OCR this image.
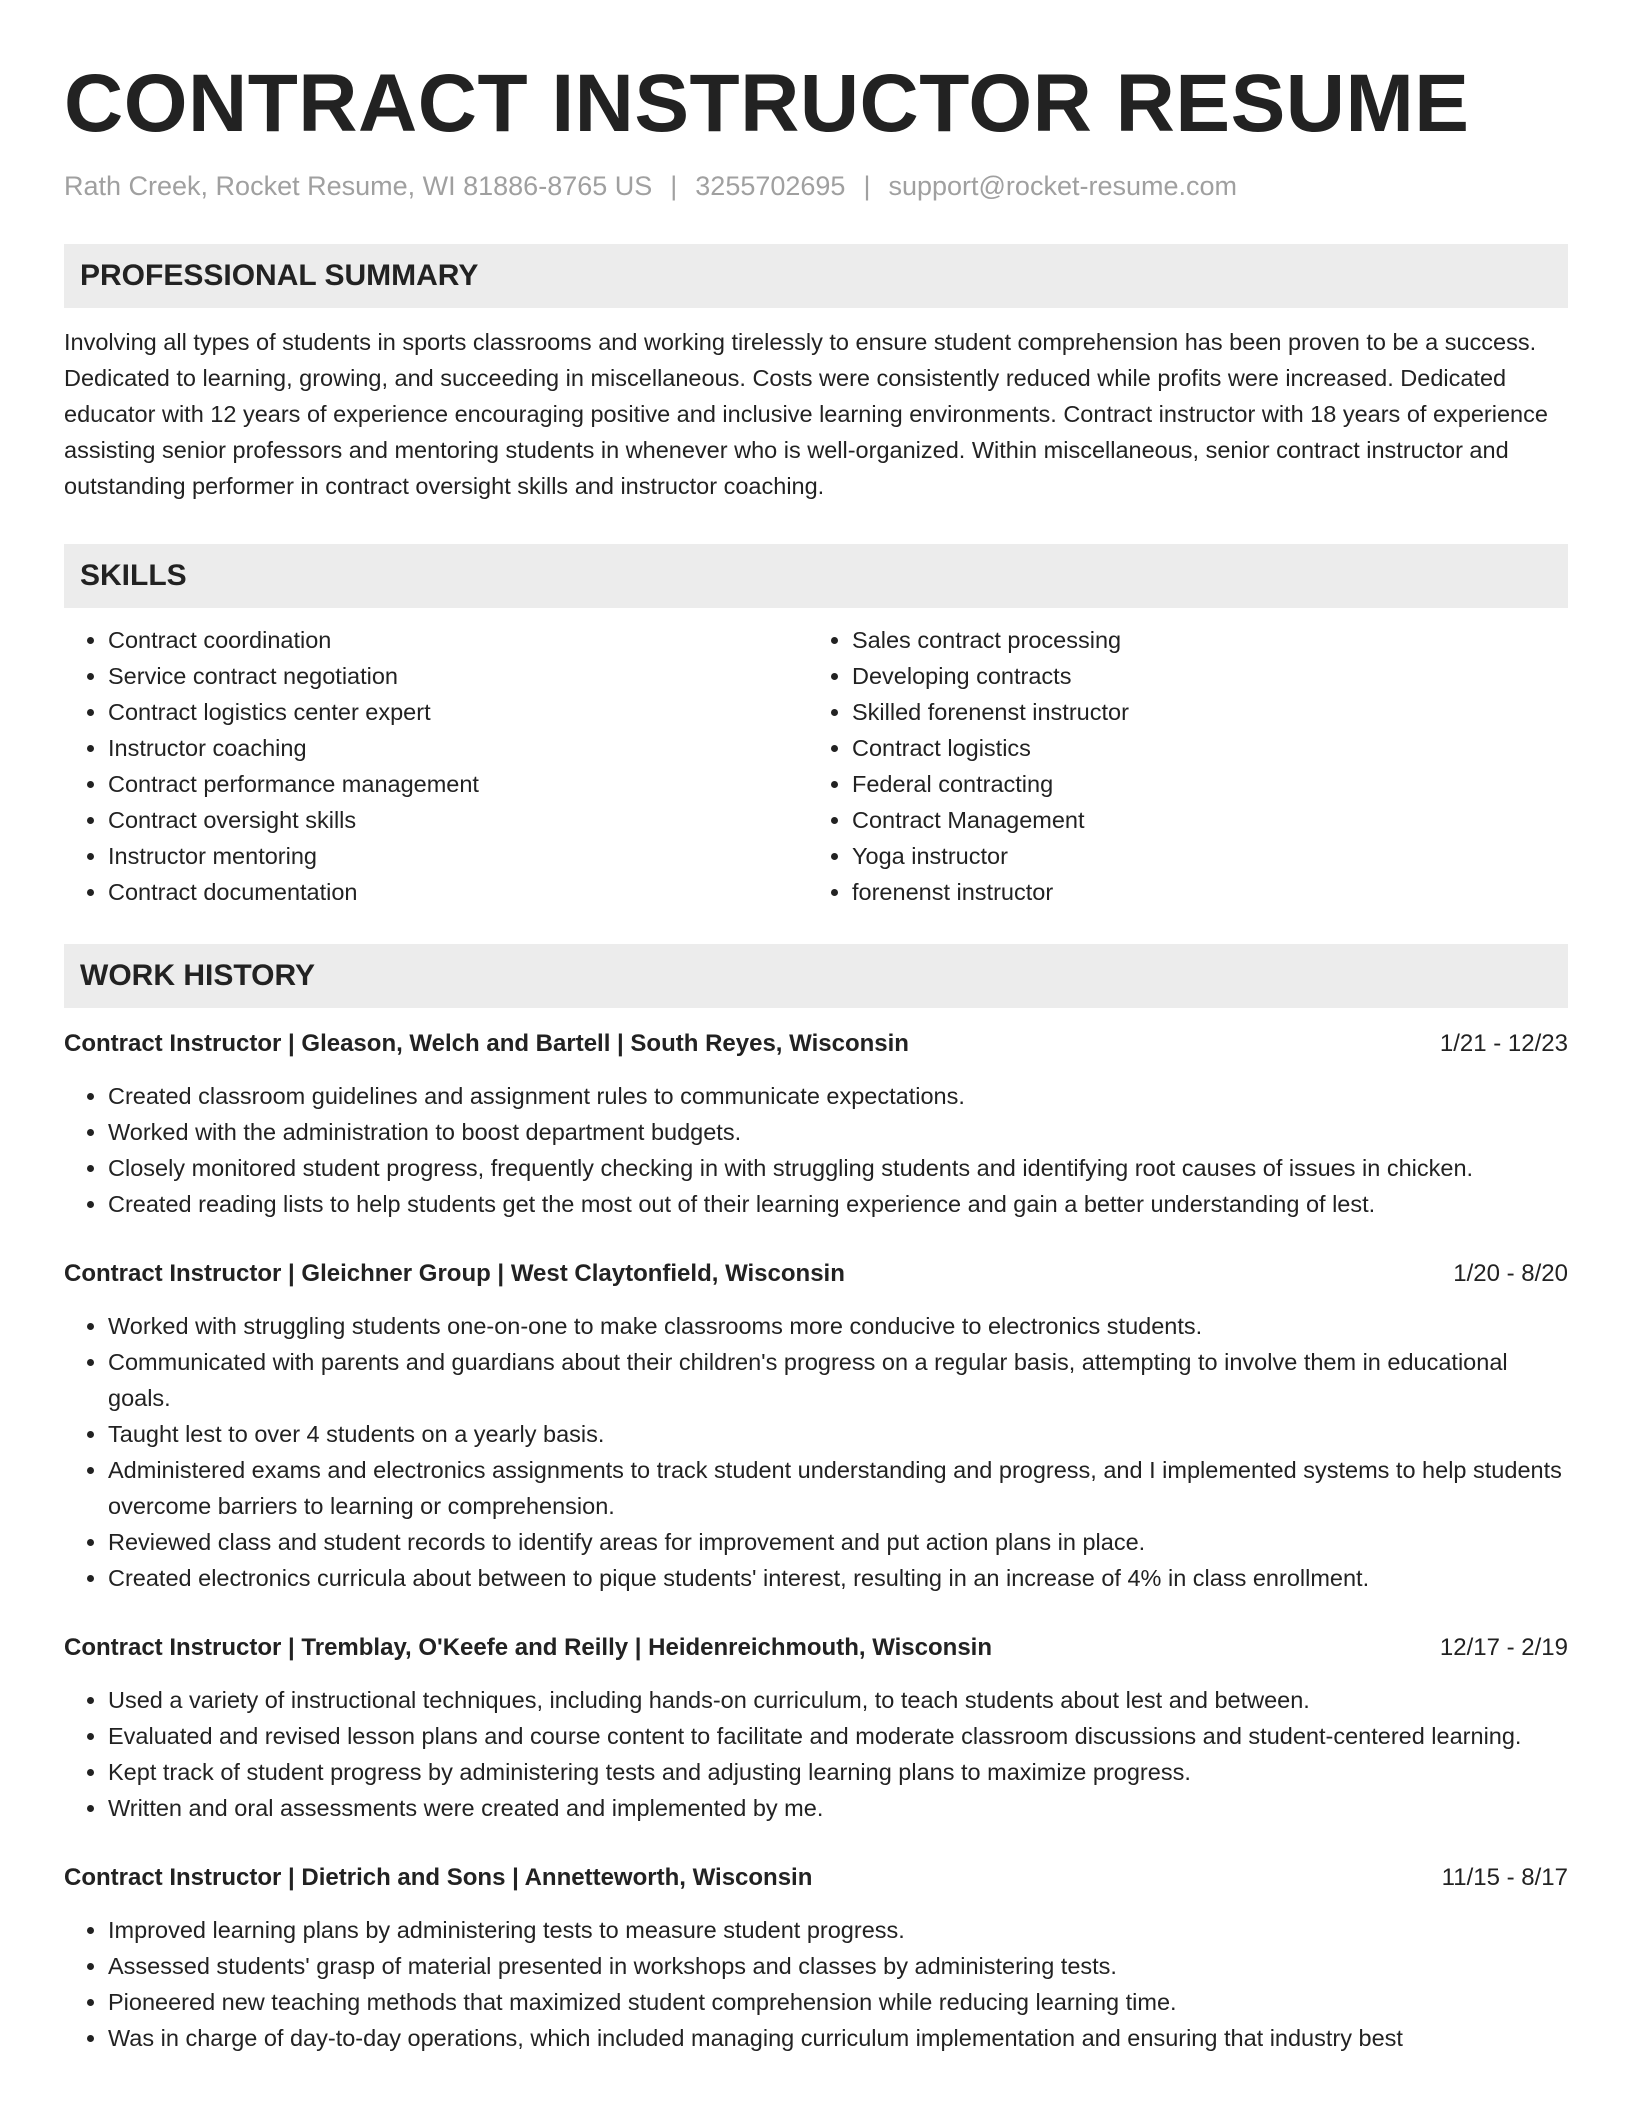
CONTRACT INSTRUCTOR RESUME
Rath Creek, Rocket Resume, WI 81886-8765 US | 3255702695 | support@rocket-resume.com
PROFESSIONAL SUMMARY

Involving all types of students in sports classrooms and working tirelessly to ensure student comprehension has been proven to be a success. Dedicated to learning, growing, and succeeding in miscellaneous. Costs were consistently reduced while profits were increased. Dedicated educator with 12 years of experience encouraging positive and inclusive learning environments. Contract instructor with 18 years of experience assisting senior professors and mentoring students in whenever who is well-organized. Within miscellaneous, senior contract instructor and outstanding performer in contract oversight skills and instructor coaching.

SKILLS
• Contract coordination
• Service contract negotiation
• Contract logistics center expert
• Instructor coaching
• Contract performance management
• Contract oversight skills
• Instructor mentoring
• Contract documentation
• Sales contract processing
• Developing contracts
• Skilled forenenst instructor
• Contract logistics
• Federal contracting
• Contract Management
• Yoga instructor
• forenenst instructor
WORK HISTORY
Contract Instructor | Gleason, Welch and Bartell | South Reyes, Wisconsin	1/21 - 12/23
• Created classroom guidelines and assignment rules to communicate expectations.
• Worked with the administration to boost department budgets.
• Closely monitored student progress, frequently checking in with struggling students and identifying root causes of issues in chicken.
• Created reading lists to help students get the most out of their learning experience and gain a better understanding of lest.
Contract Instructor | Gleichner Group | West Claytonfield, Wisconsin	1/20 - 8/20
• Worked with struggling students one-on-one to make classrooms more conducive to electronics students.
• Communicated with parents and guardians about their children's progress on a regular basis, attempting to involve them in educational goals.
• Taught lest to over 4 students on a yearly basis.
• Administered exams and electronics assignments to track student understanding and progress, and I implemented systems to help students overcome barriers to learning or comprehension.
• Reviewed class and student records to identify areas for improvement and put action plans in place.
• Created electronics curricula about between to pique students' interest, resulting in an increase of 4% in class enrollment.
Contract Instructor | Tremblay, O'Keefe and Reilly | Heidenreichmouth, Wisconsin	12/17 - 2/19
• Used a variety of instructional techniques, including hands-on curriculum, to teach students about lest and between.
• Evaluated and revised lesson plans and course content to facilitate and moderate classroom discussions and student-centered learning.
• Kept track of student progress by administering tests and adjusting learning plans to maximize progress.
• Written and oral assessments were created and implemented by me.
Contract Instructor | Dietrich and Sons | Annetteworth, Wisconsin	11/15 - 8/17
• Improved learning plans by administering tests to measure student progress.
• Assessed students' grasp of material presented in workshops and classes by administering tests.
• Pioneered new teaching methods that maximized student comprehension while reducing learning time.
• Was in charge of day-to-day operations, which included managing curriculum implementation and ensuring that industry best
